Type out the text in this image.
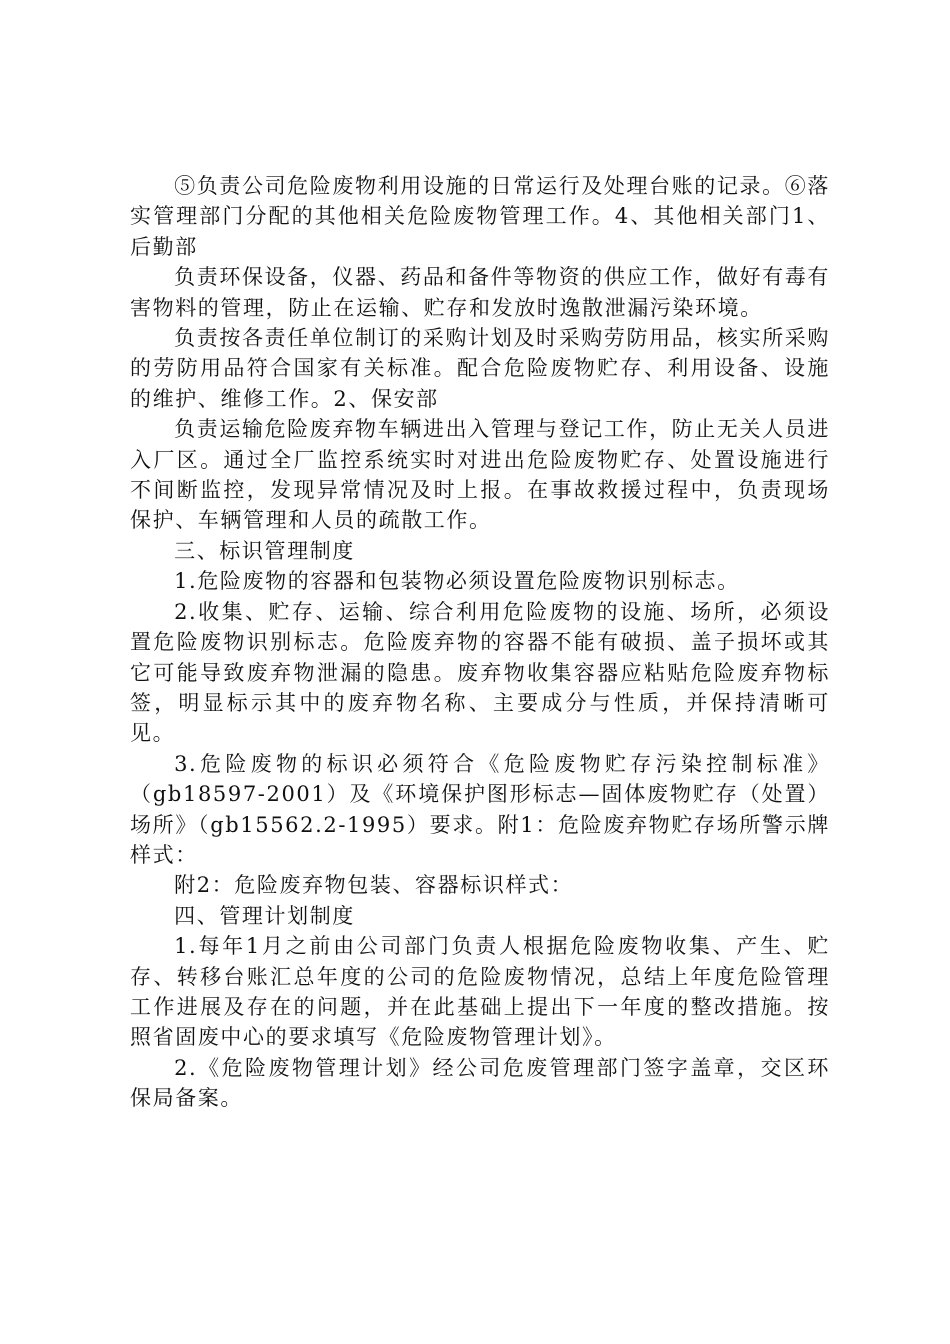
⑤负责公司危险废物利用设施的日常运行及处理台账的记录。⑥落实管理部门分配的其他相关危险废物管理工作。4、其他相关部门1、后勤部

负责环保设备，仪器、药品和备件等物资的供应工作，做好有毒有害物料的管理，防止在运输、贮存和发放时逸散泄漏污染环境。

负责按各责任单位制订的采购计划及时采购劳防用品，核实所采购的劳防用品符合国家有关标准。配合危险废物贮存、利用设备、设施的维护、维修工作。2、保安部

负责运输危险废弃物车辆进出入管理与登记工作，防止无关人员进入厂区。通过全厂监控系统实时对进出危险废物贮存、处置设施进行不间断监控，发现异常情况及时上报。在事故救援过程中，负责现场保护、车辆管理和人员的疏散工作。

三、标识管理制度

1.危险废物的容器和包装物必须设置危险废物识别标志。

2.收集、贮存、运输、综合利用危险废物的设施、场所，必须设置危险废物识别标志。危险废弃物的容器不能有破损、盖子损坏或其它可能导致废弃物泄漏的隐患。废弃物收集容器应粘贴危险废弃物标签，明显标示其中的废弃物名称、主要成分与性质，并保持清晰可见。

3.危险废物的标识必须符合《危险废物贮存污染控制标准》（gb18597-2001）及《环境保护图形标志—固体废物贮存（处置）场所》（gb15562.2-1995）要求。附1：危险废弃物贮存场所警示牌样式：

附2：危险废弃物包装、容器标识样式：

四、管理计划制度

1.每年1月之前由公司部门负责人根据危险废物收集、产生、贮存、转移台账汇总年度的公司的危险废物情况，总结上年度危险管理工作进展及存在的问题，并在此基础上提出下一年度的整改措施。按照省固废中心的要求填写《危险废物管理计划》。

2.《危险废物管理计划》经公司危废管理部门签字盖章，交区环保局备案。
